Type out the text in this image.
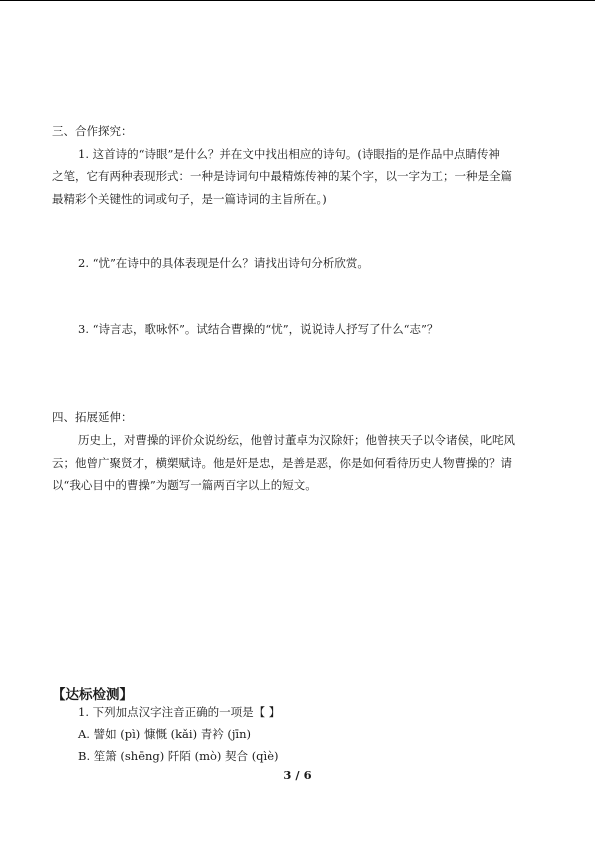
三、合作探究：
1. 这首诗的“诗眼”是什么？并在文中找出相应的诗句。(诗眼指的是作品中点睛传神
之笔，它有两种表现形式：一种是诗词句中最精炼传神的某个字，以一字为工；一种是全篇
最精彩个关键性的词或句子，是一篇诗词的主旨所在。)
2. “忧”在诗中的具体表现是什么？请找出诗句分析欣赏。
3. “诗言志，歌咏怀”。试结合曹操的“忧”，说说诗人抒写了什么“志”？
四、拓展延伸：
历史上，对曹操的评价众说纷纭，他曾讨董卓为汉除奸；他曾挟天子以令诸侯，叱咤风
云；他曾广聚贤才，横槊赋诗。他是奸是忠，是善是恶，你是如何看待历史人物曹操的？请
以“我心目中的曹操”为题写一篇两百字以上的短文。
【达标检测】
1. 下列加点汉字注音正确的一项是【 】
A. 譬如 (pì) 慷慨 (kǎi) 青衿 (jīn)
B. 笙箫 (shēng) 阡陌 (mò) 契合 (qìè)
3 / 6
